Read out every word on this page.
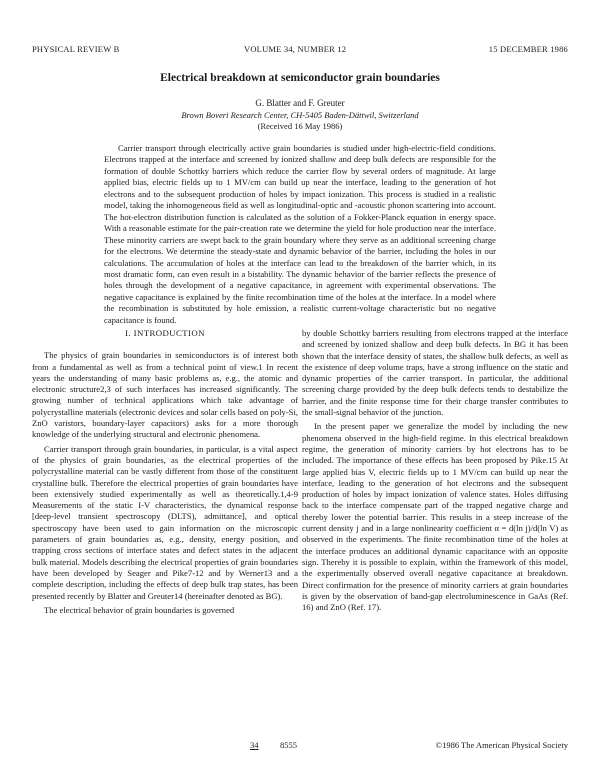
PHYSICAL REVIEW B	VOLUME 34, NUMBER 12	15 DECEMBER 1986
Electrical breakdown at semiconductor grain boundaries
G. Blatter and F. Greuter
Brown Boveri Research Center, CH-5405 Baden-Dättwil, Switzerland
(Received 16 May 1986)
Carrier transport through electrically active grain boundaries is studied under high-electric-field conditions. Electrons trapped at the interface and screened by ionized shallow and deep bulk defects are responsible for the formation of double Schottky barriers which reduce the carrier flow by several orders of magnitude. At large applied bias, electric fields up to 1 MV/cm can build up near the interface, leading to the generation of hot electrons and to the subsequent production of holes by impact ionization. This process is studied in a realistic model, taking the inhomogeneous field as well as longitudinal-optic and -acoustic phonon scattering into account. The hot-electron distribution function is calculated as the solution of a Fokker-Planck equation in energy space. With a reasonable estimate for the pair-creation rate we determine the yield for hole production near the interface. These minority carriers are swept back to the grain boundary where they serve as an additional screening charge for the electrons. We determine the steady-state and dynamic behavior of the barrier, including the holes in our calculations. The accumulation of holes at the interface can lead to the breakdown of the barrier which, in its most dramatic form, can even result in a bistability. The dynamic behavior of the barrier reflects the presence of holes through the development of a negative capacitance, in agreement with experimental observations. The negative capacitance is explained by the finite recombination time of the holes at the interface. In a model where the recombination is substituted by hole emission, a realistic current-voltage characteristic but no negative capacitance is found.
I. INTRODUCTION

The physics of grain boundaries in semiconductors is of interest both from a fundamental as well as from a technical point of view.1 In recent years the understanding of many basic problems as, e.g., the atomic and electronic structure2,3 of such interfaces has increased significantly. The growing number of technical applications which take advantage of polycrystalline materials (electronic devices and solar cells based on poly-Si, ZnO varistors, boundary-layer capacitors) asks for a more thorough knowledge of the underlying structural and electronic phenomena.

Carrier transport through grain boundaries, in particular, is a vital aspect of the physics of grain boundaries, as the electrical properties of the polycrystalline material can be vastly different from those of the constituent crystalline bulk. Therefore the electrical properties of grain boundaries have been extensively studied experimentally as well as theoretically.1,4-9 Measurements of the static I-V characteristics, the dynamical response [deep-level transient spectroscopy (DLTS), admittance], and optical spectroscopy have been used to gain information on the microscopic parameters of grain boundaries as, e.g., density, energy position, and trapping cross sections of interface states and defect states in the adjacent bulk material. Models describing the electrical properties of grain boundaries have been developed by Seager and Pike7-12 and by Werner13 and a complete description, including the effects of deep bulk trap states, has been presented recently by Blatter and Greuter14 (hereinafter denoted as BG).

The electrical behavior of grain boundaries is governed

by double Schottky barriers resulting from electrons trapped at the interface and screened by ionized shallow and deep bulk defects. In BG it has been shown that the interface density of states, the shallow bulk defects, as well as the existence of deep volume traps, have a strong influence on the static and dynamic properties of the carrier transport. In particular, the additional screening charge provided by the deep bulk defects tends to destabilize the barrier, and the finite response time for their charge transfer contributes to the small-signal behavior of the junction.

In the present paper we generalize the model by including the new phenomena observed in the high-field regime. In this electrical breakdown regime, the generation of minority carriers by hot electrons has to be included. The importance of these effects has been proposed by Pike.15 At large applied bias V, electric fields up to 1 MV/cm can build up near the interface, leading to the generation of hot electrons and the subsequent production of holes by impact ionization of valence states. Holes diffusing back to the interface compensate part of the trapped negative charge and thereby lower the potential barrier. This results in a steep increase of the current density j and in a large nonlinearity coefficient α = d(ln j)/d(ln V) as observed in the experiments. The finite recombination time of the holes at the interface produces an additional dynamic capacitance with an opposite sign. Thereby it is possible to explain, within the framework of this model, the experimentally observed overall negative capacitance at breakdown. Direct confirmation for the presence of minority carriers at grain boundaries is given by the observation of band-gap electroluminescence in GaAs (Ref. 16) and ZnO (Ref. 17).

34	8555	©1986 The American Physical Society
